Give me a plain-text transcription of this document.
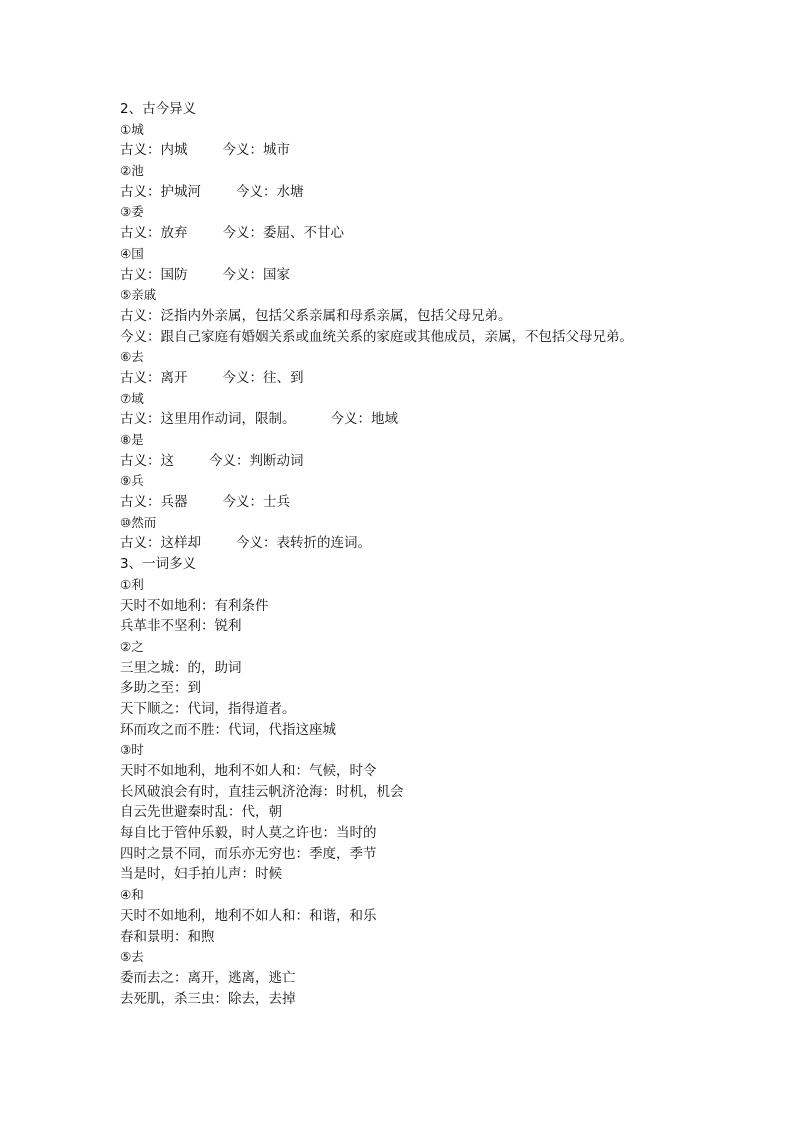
2、古今异义
①城
古义：内城	今义：城市
②池
古义：护城河	今义：水塘
③委
古义：放弃	今义：委屈、不甘心
④国
古义：国防	今义：国家
⑤亲戚
古义：泛指内外亲属，包括父系亲属和母系亲属，包括父母兄弟。
今义：跟自己家庭有婚姻关系或血统关系的家庭或其他成员，亲属，不包括父母兄弟。
⑥去
古义：离开	今义：往、到
⑦域
古义：这里用作动词，限制。	今义：地域
⑧是
古义：这	今义：判断动词
⑨兵
古义：兵器	今义：士兵
⑩然而
古义：这样却	今义：表转折的连词。
3、一词多义
①利
天时不如地利：有利条件
兵革非不坚利：锐利
②之
三里之城：的，助词
多助之至：到
天下顺之：代词，指得道者。
环而攻之而不胜：代词，代指这座城
③时
天时不如地利，地利不如人和：气候，时令
长风破浪会有时，直挂云帆济沧海：时机，机会
自云先世避秦时乱：代，朝
每自比于管仲乐毅，时人莫之许也：当时的
四时之景不同，而乐亦无穷也：季度，季节
当是时，妇手拍儿声：时候
④和
天时不如地利，地利不如人和：和谐，和乐
春和景明：和煦
⑤去
委而去之：离开，逃离，逃亡
去死肌，杀三虫：除去，去掉
